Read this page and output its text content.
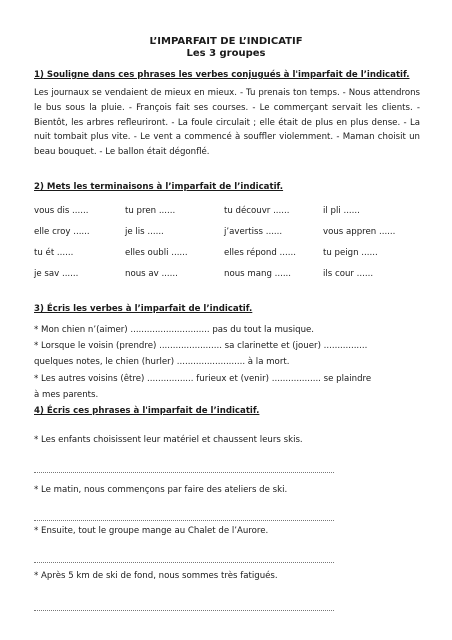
L’IMPARFAIT DE L’INDICATIF
Les 3 groupes
1) Souligne dans ces phrases les verbes conjugués à l'imparfait de l’indicatif.
Les journaux se vendaient de mieux en mieux. - Tu prenais ton temps. - Nous attendrons le bus sous la pluie. - François fait ses courses. - Le commerçant servait les clients. - Bientôt, les arbres refleuriront. - La foule circulait ; elle était de plus en plus dense. - La nuit tombait plus vite. - Le vent a commencé à souffler violemment. - Maman choisit un beau bouquet. - Le ballon était dégonflé.
2) Mets les terminaisons à l’imparfait de l’indicatif.
vous dis ......	tu pren ......	tu découvr ......	il pli ......
elle croy ......	je lis ......	j’avertiss ......	vous appren ......
tu ét ......	elles oubli ......	elles répond ......	tu peign ......
je sav ......	nous av ......	nous mang ......	ils cour ......
3) Écris les verbes à l’imparfait de l’indicatif.
* Mon chien n’(aimer) ............................. pas du tout la musique.
* Lorsque le voisin (prendre) ....................... sa clarinette et (jouer) ................
quelques notes, le chien (hurler) ......................... à la mort.
* Les autres voisins (être) ................. furieux et (venir) .................. se plaindre
à mes parents.
4) Écris ces phrases à l'imparfait de l’indicatif.
* Les enfants choisissent leur matériel et chaussent leurs skis.
* Le matin, nous commençons par faire des ateliers de ski.
* Ensuite, tout le groupe mange au Chalet de l’Aurore.
* Après 5 km de ski de fond, nous sommes très fatigués.
